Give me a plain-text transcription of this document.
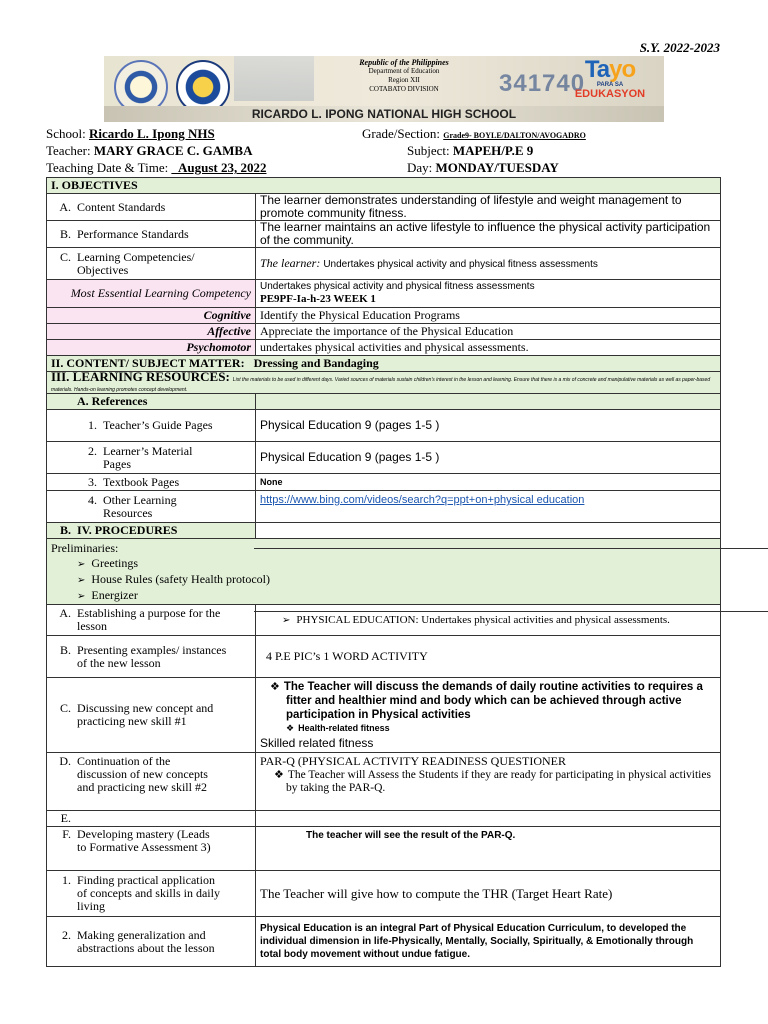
S.Y. 2022-2023
Republic of the Philippines
Department of Education
Region XII
COTABATO DIVISION	341740
Tayo
PARA SA
EDUKASYON
RICARDO L. IPONG NATIONAL HIGH SCHOOL
School: Ricardo L. Ipong NHS	Grade/Section: Grade9- BOYLE/DALTON/AVOGADRO
Teacher: MARY GRACE C. GAMBA	Subject: MAPEH/P.E 9
Teaching Date & Time: _August 23, 2022	Day: MONDAY/TUESDAY
I. OBJECTIVES	
A. Content Standards	The learner demonstrates understanding of lifestyle and weight management to promote community fitness.
B. Performance Standards	The learner maintains an active lifestyle to influence the physical activity participation of the community.
C. Learning Competencies/ Objectives	The learner: Undertakes physical activity and physical fitness assessments
Most Essential Learning Competency	Undertakes physical activity and physical fitness assessments
PE9PF-Ia-h-23 WEEK 1

Cognitive	Identify the Physical Education Programs
Affective	Appreciate the importance of the Physical Education
Psychomotor	undertakes physical activities and physical assessments.
II. CONTENT/ SUBJECT MATTER: Dressing and Bandaging	
III. LEARNING RESOURCES: List the materials to be used in different days. Varied sources of materials sustain children's interest in the lesson and learning. Ensure that there is a mix of concrete and manipulative materials as well as paper-based materials. Hands-on learning promotes concept development.	
A. References	
1. Teacher’s Guide Pages	Physical Education 9 (pages 1-5 )
2. Learner’s Material Pages	Physical Education 9 (pages 1-5 )
3. Textbook Pages	None
4. Other Learning Resources	https://www.bing.com/videos/search?q=ppt+on+physical education
B. IV. PROCEDURES	

Preliminaries:
➢ Greetings
➢ House Rules (safety Health protocol)
➢ Energizer	

A. Establishing a purpose for the lesson	➢ PHYSICAL EDUCATION: Undertakes physical activities and physical assessments.
B. Presenting examples/ instances of the new lesson	4 P.E PIC’s 1 WORD ACTIVITY
C. Discussing new concept and practicing new skill #1	❖ The Teacher will discuss the demands of daily routine activities to requires a fitter and healthier mind and body which can be achieved through active participation in Physical activities
❖ Health-related fitness
Skilled related fitness

D. Continuation of the discussion of new concepts and practicing new skill #2	PAR-Q (PHYSICAL ACTIVITY READINESS QUESTIONER
❖ The Teacher will Assess the Students if they are ready for participating in physical activities by taking the PAR-Q.

E.	
F. Developing mastery (Leads to Formative Assessment 3)	The teacher will see the result of the PAR-Q.
1. Finding practical application of concepts and skills in daily living	The Teacher will give how to compute the THR (Target Heart Rate)
2. Making generalization and abstractions about the lesson	Physical Education is an integral Part of Physical Education Curriculum, to developed the individual dimension in life-Physically, Mentally, Socially, Spiritually, & Emotionally through total body movement without undue fatigue.
